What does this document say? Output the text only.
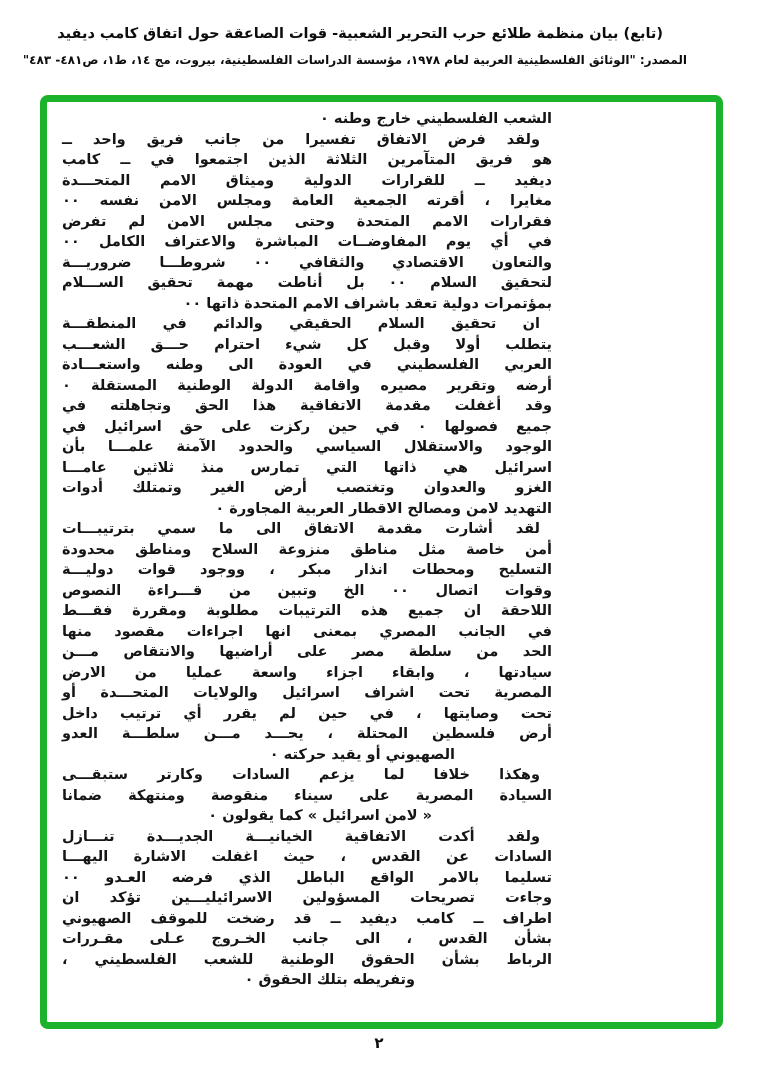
(تابع) بيان منظمة طلائع حرب التحرير الشعبية- قوات الصاعقة حول اتفاق كامب ديفيد
المصدر: "الوثائق الفلسطينية العربية لعام ١٩٧٨، مؤسسة الدراسات الفلسطينية، بيروت، مج ١٤، ط١، ص٤٨١- ٤٨٣"
الشعب الفلسطيني خارج وطنه ٠
ولقد فرض الاتفاق تفسيرا من جانب فريق واحد ــ
هو فريق المتآمرين الثلاثة الذين اجتمعوا في ــ كامب
ديفيد ــ للقرارات الدولية وميثاق الامم المتحـــدة
مغايرا ، أقرته الجمعية العامة ومجلس الامن نفسه ٠٠
فقرارات الامم المتحدة وحتى مجلس الامن لم تفرض
في أي يوم المفاوضــات المباشرة والاعتراف الكامل ٠٠
والتعاون الاقتصادي والثقافي ٠٠ شروطـــا ضروريـــة
لتحقيق السلام ٠٠ بل أناطت مهمة تحقيق الســـلام
بمؤتمرات دولية تعقد باشراف الامم المتحدة ذاتها ٠٠
ان تحقيق السلام الحقيقي والدائم في المنطقـــة
يتطلب أولا وقبل كل شيء احترام حـــق الشعـــب
العربي الفلسطيني في العودة الى وطنه واستعـــادة
أرضه وتقرير مصيره واقامة الدولة الوطنية المستقلة ٠
وقد أغفلت مقدمة الاتفاقية هذا الحق وتجاهلته في
جميع فصولها ٠ في حين ركزت على حق اسرائيل في
الوجود والاستقلال السياسي والحدود الآمنة علمـــا بأن
اسرائيل هي ذاتها التي تمارس منذ ثلاثين عامـــا
الغزو والعدوان وتغتصب أرض الغير وتمتلك أدوات
التهديد لامن ومصالح الاقطار العربية المجاورة ٠
لقد أشارت مقدمة الاتفاق الى ما سمي بترتيبـــات
أمن خاصة مثل مناطق منزوعة السلاح ومناطق محدودة
التسليح ومحطات انذار مبكر ، ووجود قوات دوليـــة
وقوات اتصال ٠٠ الخ وتبين من قـــراءة النصوص
اللاحقة ان جميع هذه الترتيبات مطلوبة ومقررة فقـــط
في الجانب المصري بمعنى انها اجراءات مقصود منها
الحد من سلطة مصر على أراضيها والانتقاص مـــن
سيادتها ، وابقاء اجزاء واسعة عمليا من الارض
المصرية تحت اشراف اسرائيل والولايات المتحـــدة أو
تحت وصايتها ، في حين لم يقرر أي ترتيب داخل
أرض فلسطين المحتلة ، يحـــد مـــن سلطـــة العدو
الصهيوني أو يقيد حركته ٠
وهكذا خلافا لما يزعم السادات وكارتر ستبقـــى
السيادة المصرية على سيناء منقوصة ومنتهكة ضمانا
« لامن اسرائيل » كما يقولون ٠
ولقد أكدت الاتفاقية الخيانيـــة الجديـــدة تنـــازل
السادات عن القدس ، حيث اغفلت الاشارة اليهـــا
تسليما بالامر الواقع الباطل الذي فرضه العـدو ٠٠
وجاءت تصريحات المسؤولين الاسرائيليـــين تؤكد ان
اطراف ــ كامب ديفيد ــ قد رضخت للموقف الصهيوني
بشأن القدس ، الى جانب الخـروج عـلى مقـررات
الرباط بشأن الحقوق الوطنية للشعب الفلسطيني ،
وتفريطه بتلك الحقوق ٠
٢
